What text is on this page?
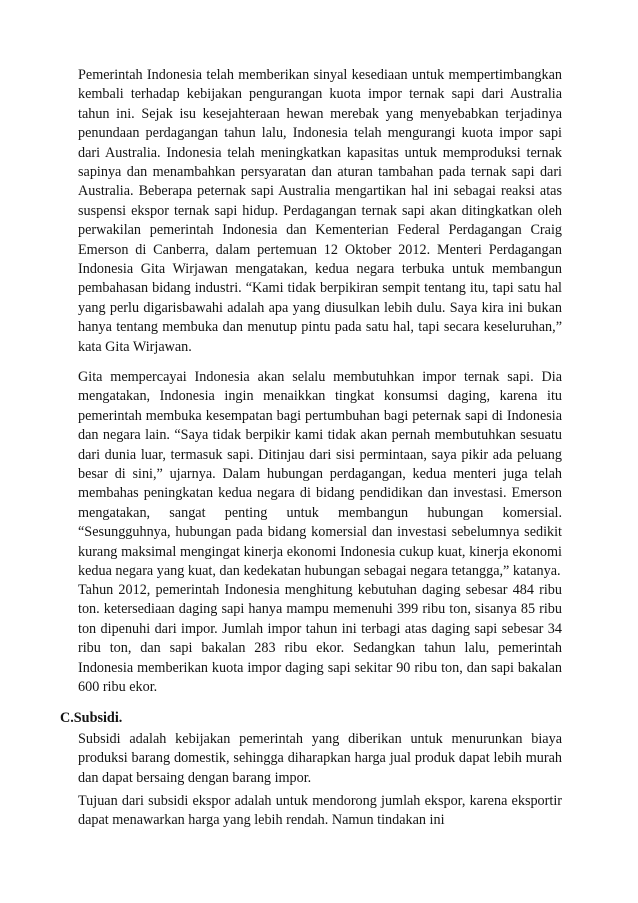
Pemerintah Indonesia telah memberikan sinyal kesediaan untuk mempertimbangkan kembali terhadap kebijakan pengurangan kuota impor ternak sapi dari Australia tahun ini. Sejak isu kesejahteraan hewan merebak yang menyebabkan terjadinya penundaan perdagangan tahun lalu, Indonesia telah mengurangi kuota impor sapi dari Australia. Indonesia telah meningkatkan kapasitas untuk memproduksi ternak sapinya dan menambahkan persyaratan dan aturan tambahan pada ternak sapi dari Australia. Beberapa peternak sapi Australia mengartikan hal ini sebagai reaksi atas suspensi ekspor ternak sapi hidup. Perdagangan ternak sapi akan ditingkatkan oleh perwakilan pemerintah Indonesia dan Kementerian Federal Perdagangan Craig Emerson di Canberra, dalam pertemuan 12 Oktober 2012. Menteri Perdagangan Indonesia Gita Wirjawan mengatakan, kedua negara terbuka untuk membangun pembahasan bidang industri. “Kami tidak berpikiran sempit tentang itu, tapi satu hal yang perlu digarisbawahi adalah apa yang diusulkan lebih dulu. Saya kira ini bukan hanya tentang membuka dan menutup pintu pada satu hal, tapi secara keseluruhan,” kata Gita Wirjawan.

Gita mempercayai Indonesia akan selalu membutuhkan impor ternak sapi. Dia mengatakan, Indonesia ingin menaikkan tingkat konsumsi daging, karena itu pemerintah membuka kesempatan bagi pertumbuhan bagi peternak sapi di Indonesia dan negara lain. “Saya tidak berpikir kami tidak akan pernah membutuhkan sesuatu dari dunia luar, termasuk sapi. Ditinjau dari sisi permintaan, saya pikir ada peluang besar di sini,” ujarnya. Dalam hubungan perdagangan, kedua menteri juga telah membahas peningkatan kedua negara di bidang pendidikan dan investasi. Emerson mengatakan, sangat penting untuk membangun hubungan komersial. “Sesungguhnya, hubungan pada bidang komersial dan investasi sebelumnya sedikit kurang maksimal mengingat kinerja ekonomi Indonesia cukup kuat, kinerja ekonomi kedua negara yang kuat, dan kedekatan hubungan sebagai negara tetangga,” katanya.

Tahun 2012, pemerintah Indonesia menghitung kebutuhan daging sebesar 484 ribu ton. ketersediaan daging sapi hanya mampu memenuhi 399 ribu ton, sisanya 85 ribu ton dipenuhi dari impor. Jumlah impor tahun ini terbagi atas daging sapi sebesar 34 ribu ton, dan sapi bakalan 283 ribu ekor. Sedangkan tahun lalu, pemerintah Indonesia memberikan kuota impor daging sapi sekitar 90 ribu ton, dan sapi bakalan 600 ribu ekor.

C.Subsidi.

Subsidi adalah kebijakan pemerintah yang diberikan untuk menurunkan biaya produksi barang domestik, sehingga diharapkan harga jual produk dapat lebih murah dan dapat bersaing dengan barang impor.

Tujuan dari subsidi ekspor adalah untuk mendorong jumlah ekspor, karena eksportir dapat menawarkan harga yang lebih rendah. Namun tindakan ini
